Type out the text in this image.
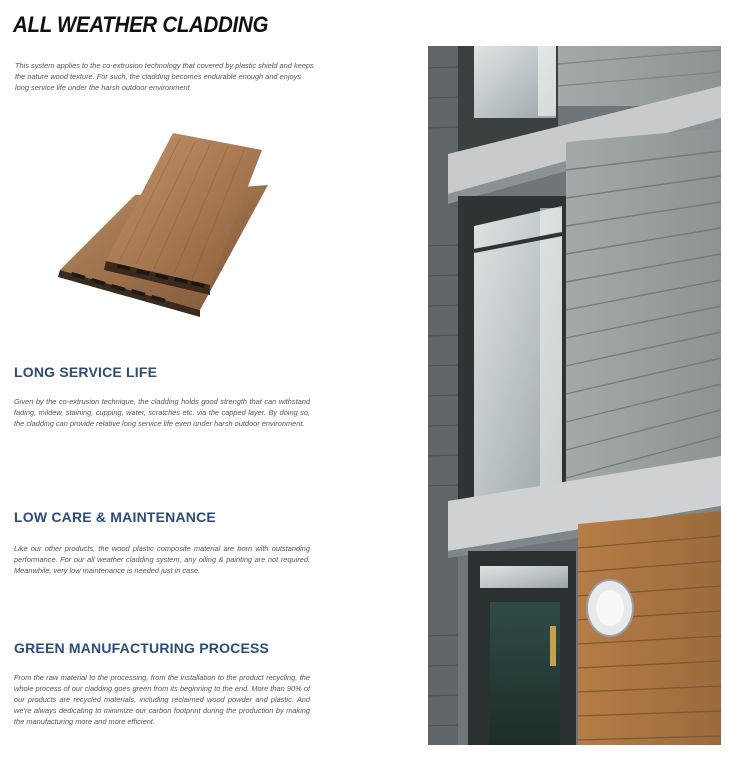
ALL WEATHER CLADDING

This system applies to the co-extrusion technology that covered by plastic shield and keeps the nature wood texture. For such, the cladding becomes endurable enough and enjoys long service life under the harsh outdoor environment.

LONG SERVICE LIFE

Given by the co-extrusion technique, the cladding holds good strength that can withstand fading, mildew, staining, cupping, water, scratches etc. via the capped layer. By doing so, the cladding can provide relative long service life even under harsh outdoor environment.

LOW CARE & MAINTENANCE

Like our other products, the wood plastic composite material are born with outstanding performance. For our all weather cladding system, any oiling & painting are not required. Meanwhile, very low maintenance is needed just in case.

GREEN MANUFACTURING PROCESS

From the raw material to the processing, from the installation to the product recycling, the whole process of our cladding goes green from its beginning to the end. More than 90% of our products are recycled materials, including reclaimed wood powder and plastic. And we're always dedicating to minimize our carbon footprint during the production by making the manufacturing more and more efficient.
